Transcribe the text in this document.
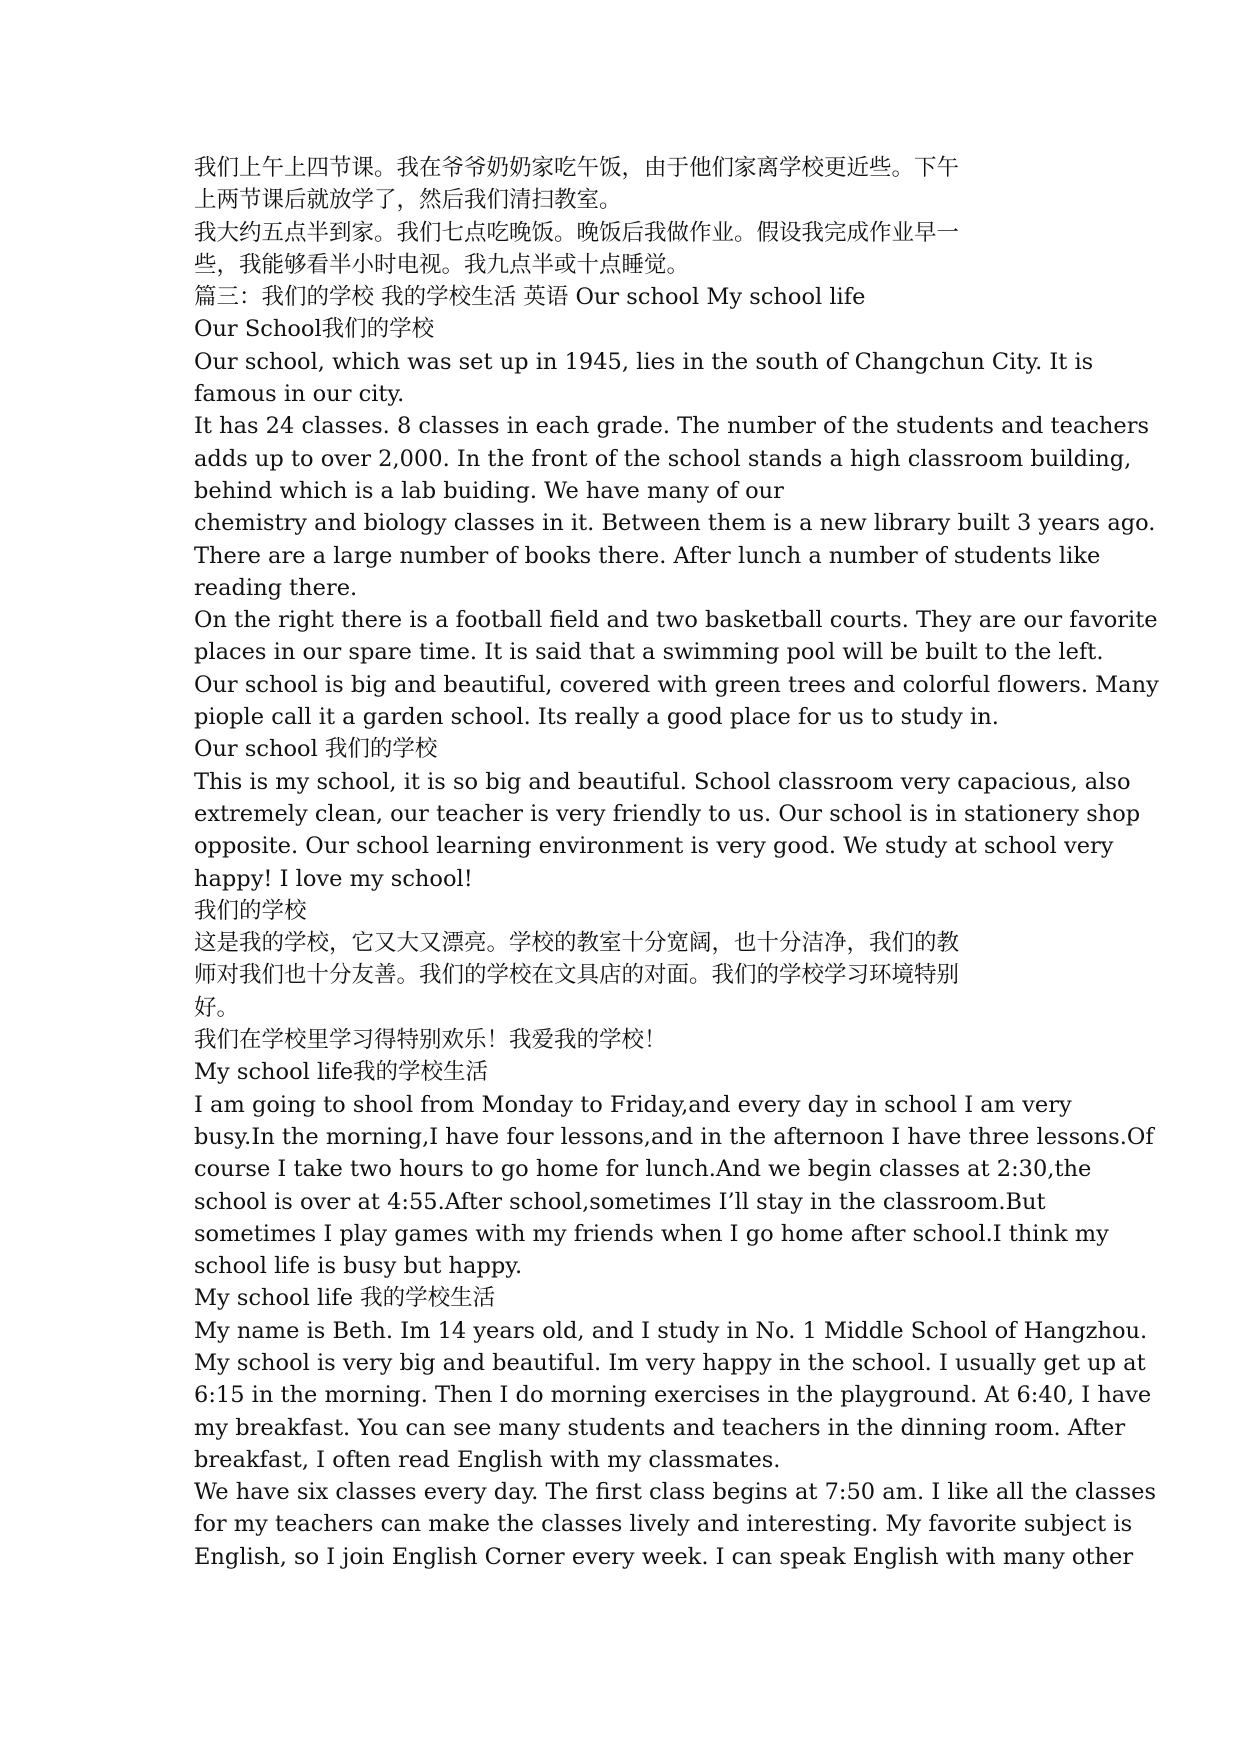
我们上午上四节课。我在爷爷奶奶家吃午饭，由于他们家离学校更近些。下午
上两节课后就放学了，然后我们清扫教室。
我大约五点半到家。我们七点吃晚饭。晚饭后我做作业。假设我完成作业早一
些，我能够看半小时电视。我九点半或十点睡觉。
篇三：我们的学校 我的学校生活 英语 Our school My school life
Our School我们的学校
Our school, which was set up in 1945, lies in the south of Changchun City. It is
famous in our city.
It has 24 classes. 8 classes in each grade. The number of the students and teachers
adds up to over 2,000. In the front of the school stands a high classroom building,
behind which is a lab buiding. We have many of our
chemistry and biology classes in it. Between them is a new library built 3 years ago.
There are a large number of books there. After lunch a number of students like
reading there.
On the right there is a football field and two basketball courts. They are our favorite
places in our spare time. It is said that a swimming pool will be built to the left.
Our school is big and beautiful, covered with green trees and colorful flowers. Many
piople call it a garden school. Its really a good place for us to study in.
Our school 我们的学校
This is my school, it is so big and beautiful. School classroom very capacious, also
extremely clean, our teacher is very friendly to us. Our school is in stationery shop
opposite. Our school learning environment is very good. We study at school very
happy! I love my school!
我们的学校
这是我的学校，它又大又漂亮。学校的教室十分宽阔，也十分洁净，我们的教
师对我们也十分友善。我们的学校在文具店的对面。我们的学校学习环境特别
好。
我们在学校里学习得特别欢乐！我爱我的学校！
My school life我的学校生活
I am going to shool from Monday to Friday,and every day in school I am very
busy.In the morning,I have four lessons,and in the afternoon I have three lessons.Of
course I take two hours to go home for lunch.And we begin classes at 2:30,the
school is over at 4:55.After school,sometimes I’ll stay in the classroom.But
sometimes I play games with my friends when I go home after school.I think my
school life is busy but happy.
My school life 我的学校生活
My name is Beth. Im 14 years old, and I study in No. 1 Middle School of Hangzhou.
My school is very big and beautiful. Im very happy in the school. I usually get up at
6:15 in the morning. Then I do morning exercises in the playground. At 6:40, I have
my breakfast. You can see many students and teachers in the dinning room. After
breakfast, I often read English with my classmates.
We have six classes every day. The first class begins at 7:50 am. I like all the classes
for my teachers can make the classes lively and interesting. My favorite subject is
English, so I join English Corner every week. I can speak English with many other
